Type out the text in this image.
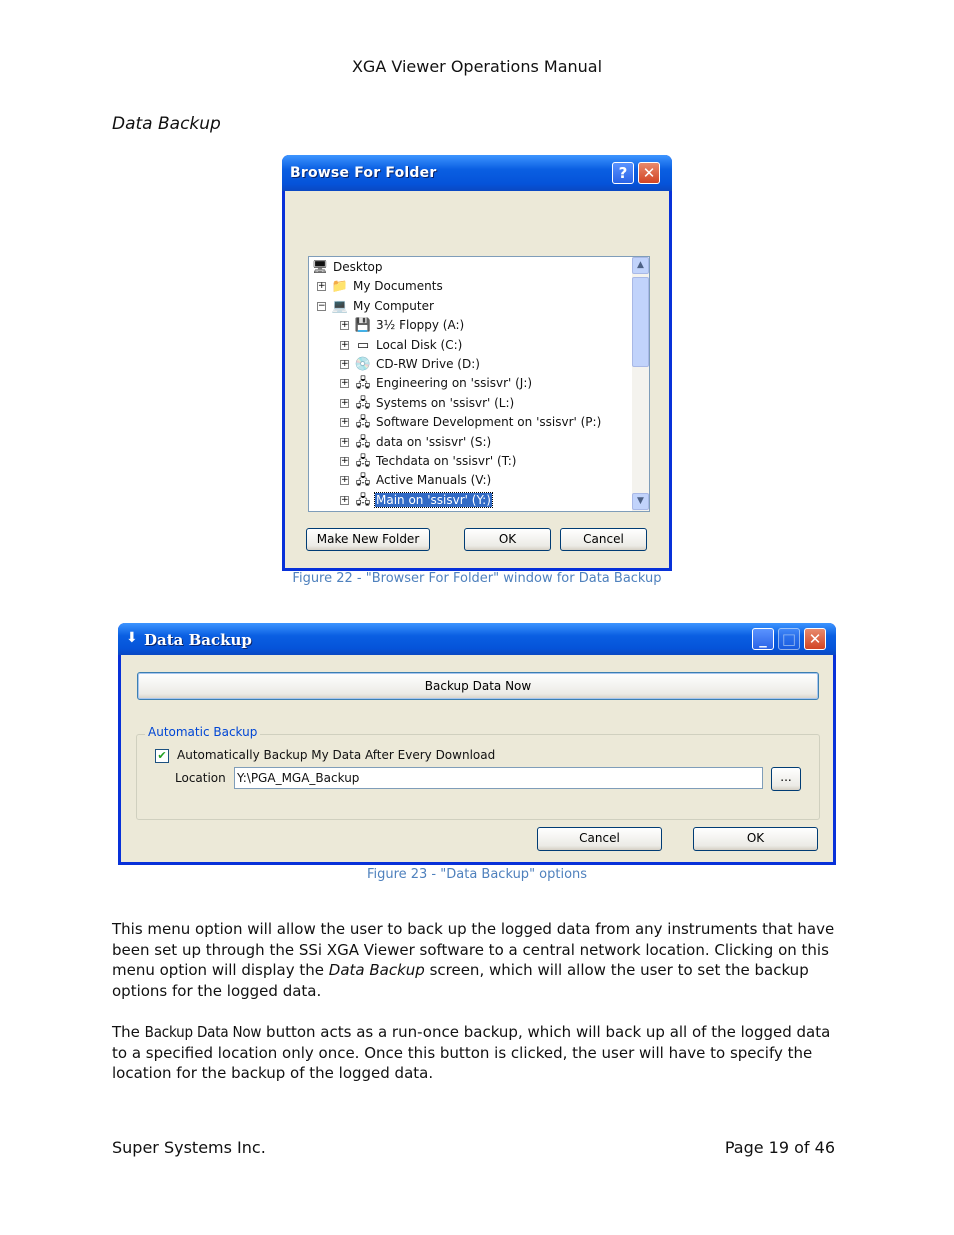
XGA Viewer Operations Manual
Data Backup
Browse For Folder	?	✕
🖥 Desktop
+ 📁 My Documents
− 💻 My Computer
+ 💾 3½ Floppy (A:)
+ ▭ Local Disk (C:)
+ 💿 CD-RW Drive (D:)
+ 🖧 Engineering on 'ssisvr' (J:)
+ 🖧 Systems on 'ssisvr' (L:)
+ 🖧 Software Development on 'ssisvr' (P:)
+ 🖧 data on 'ssisvr' (S:)
+ 🖧 Techdata on 'ssisvr' (T:)
+ 🖧 Active Manuals (V:)
+ 🖧 Main on 'ssisvr' (Y:)
▲
▼
Make New Folder	OK	Cancel
Figure 22 - "Browser For Folder" window for Data Backup
⬇ Data Backup	_	□ ✕
Backup Data Now
Automatic Backup
✔ Automatically Backup My Data After Every Download
Location Y:\PGA_MGA_Backup	...
Cancel	OK
Figure 23 - "Data Backup" options
This menu option will allow the user to back up the logged data from any instruments that have been set up through the SSi XGA Viewer software to a central network location. Clicking on this menu option will display the Data Backup screen, which will allow the user to set the backup options for the logged data.
The Backup Data Now button acts as a run-once backup, which will back up all of the logged data to a specified location only once. Once this button is clicked, the user will have to specify the location for the backup of the logged data.
Super Systems Inc.	Page 19 of 46
